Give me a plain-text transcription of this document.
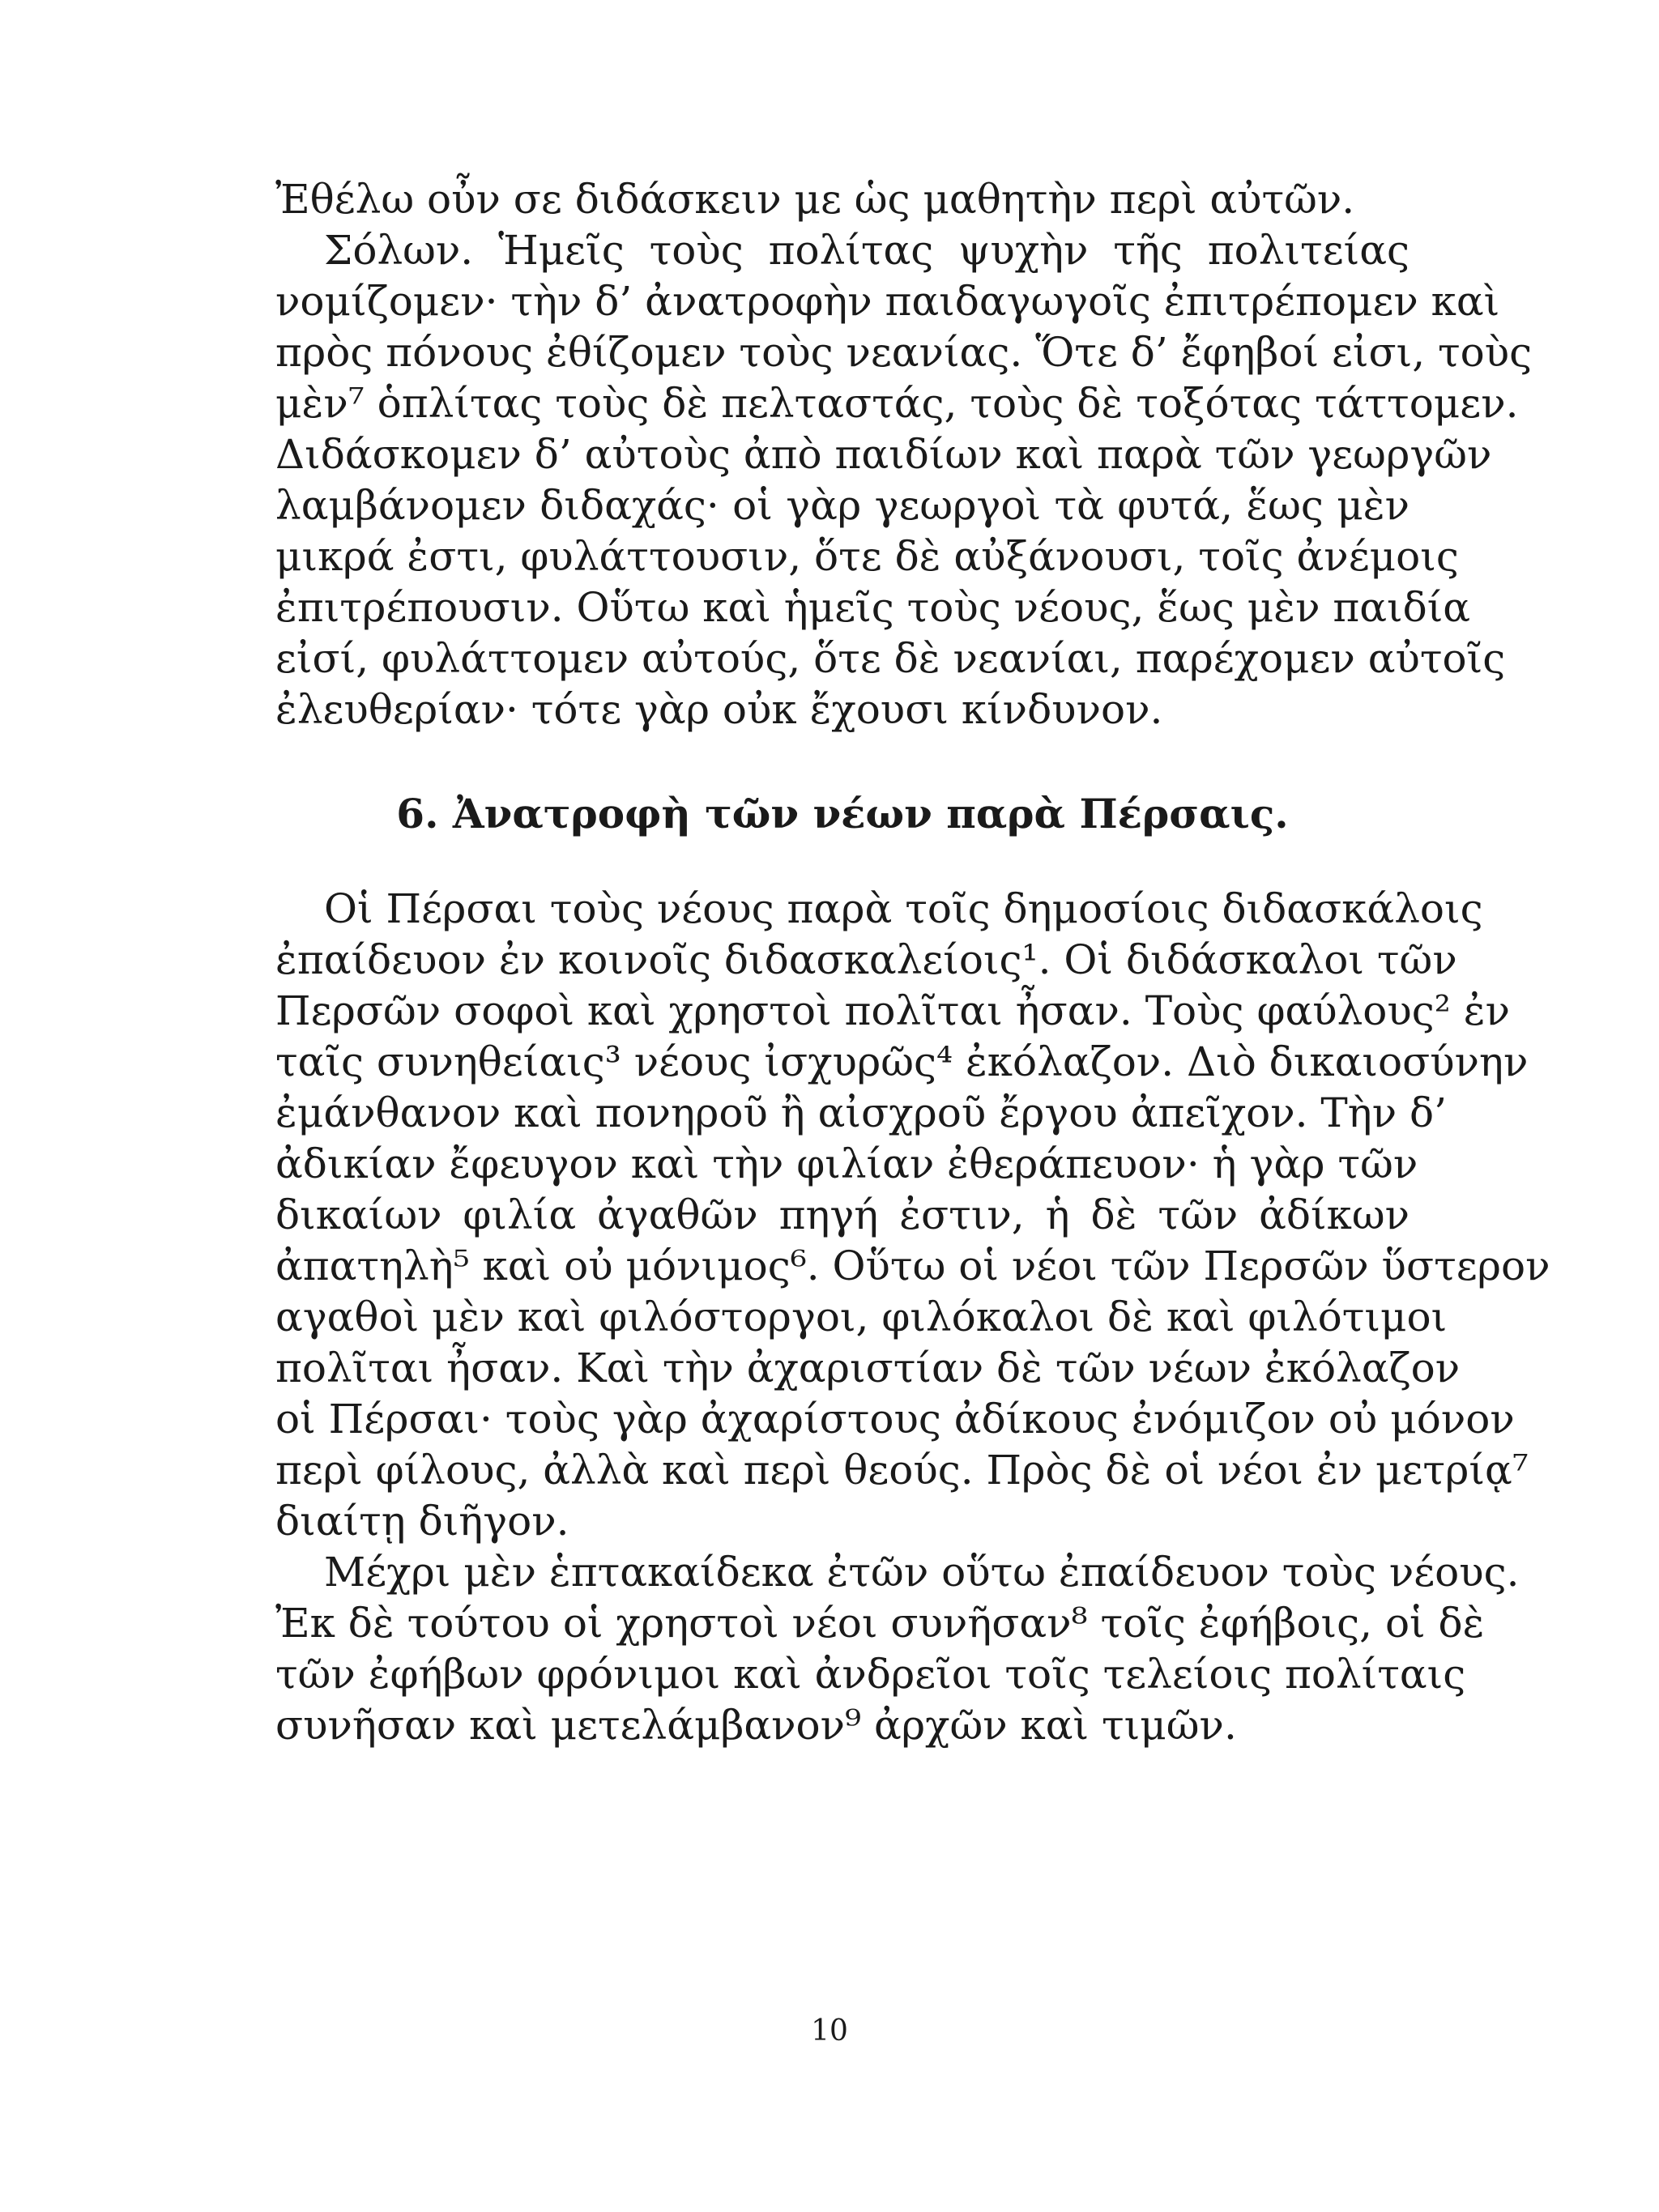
Ἐθέλω οὖν σε διδάσκειν με ὡς μαθητὴν περὶ αὐτῶν.
Σόλων. Ἡμεῖς τοὺς πολίτας ψυχὴν τῆς πολιτείας
νομίζομεν· τὴν δ’ ἀνατροφὴν παιδαγωγοῖς ἐπιτρέπομεν καὶ
πρὸς πόνους ἐθίζομεν τοὺς νεανίας. Ὅτε δ’ ἔφηβοί εἰσι, τοὺς
μὲν⁷ ὁπλίτας τοὺς δὲ πελταστάς, τοὺς δὲ τοξότας τάττομεν.
Διδάσκομεν δ’ αὐτοὺς ἀπὸ παιδίων καὶ παρὰ τῶν γεωργῶν
λαμβάνομεν διδαχάς· οἱ γὰρ γεωργοὶ τὰ φυτά, ἕως μὲν
μικρά ἐστι, φυλάττουσιν, ὅτε δὲ αὐξάνουσι, τοῖς ἀνέμοις
ἐπιτρέπουσιν. Οὕτω καὶ ἡμεῖς τοὺς νέους, ἕως μὲν παιδία
εἰσί, φυλάττομεν αὐτούς, ὅτε δὲ νεανίαι, παρέχομεν αὐτοῖς
ἐλευθερίαν· τότε γὰρ οὐκ ἔχουσι κίνδυνον.
6. Ἀνατροφὴ τῶν νέων παρὰ Πέρσαις.
Οἱ Πέρσαι τοὺς νέους παρὰ τοῖς δημοσίοις διδασκάλοις
ἐπαίδευον ἐν κοινοῖς διδασκαλείοις¹. Οἱ διδάσκαλοι τῶν
Περσῶν σοφοὶ καὶ χρηστοὶ πολῖται ἦσαν. Τοὺς φαύλους² ἐν
ταῖς συνηθείαις³ νέους ἰσχυρῶς⁴ ἐκόλαζον. Διὸ δικαιοσύνην
ἐμάνθανον καὶ πονηροῦ ἢ αἰσχροῦ ἔργου ἀπεῖχον. Τὴν δ’
ἀδικίαν ἔφευγον καὶ τὴν φιλίαν ἐθεράπευον· ἡ γὰρ τῶν
δικαίων φιλία ἀγαθῶν πηγή ἐστιν, ἡ δὲ τῶν ἀδίκων
ἀπατηλὴ⁵ καὶ οὐ μόνιμος⁶. Οὕτω οἱ νέοι τῶν Περσῶν ὕστερον
αγαθοὶ μὲν καὶ φιλόστοργοι, φιλόκαλοι δὲ καὶ φιλότιμοι
πολῖται ἦσαν. Καὶ τὴν ἀχαριστίαν δὲ τῶν νέων ἐκόλαζον
οἱ Πέρσαι· τοὺς γὰρ ἀχαρίστους ἀδίκους ἐνόμιζον οὐ μόνον
περὶ φίλους, ἀλλὰ καὶ περὶ θεούς. Πρὸς δὲ οἱ νέοι ἐν μετρίᾳ⁷
διαίτῃ διῆγον.
Μέχρι μὲν ἑπτακαίδεκα ἐτῶν οὕτω ἐπαίδευον τοὺς νέους.
Ἐκ δὲ τούτου οἱ χρηστοὶ νέοι συνῆσαν⁸ τοῖς ἐφήβοις, οἱ δὲ
τῶν ἐφήβων φρόνιμοι καὶ ἀνδρεῖοι τοῖς τελείοις πολίταις
συνῆσαν καὶ μετελάμβανον⁹ ἀρχῶν καὶ τιμῶν.
10
